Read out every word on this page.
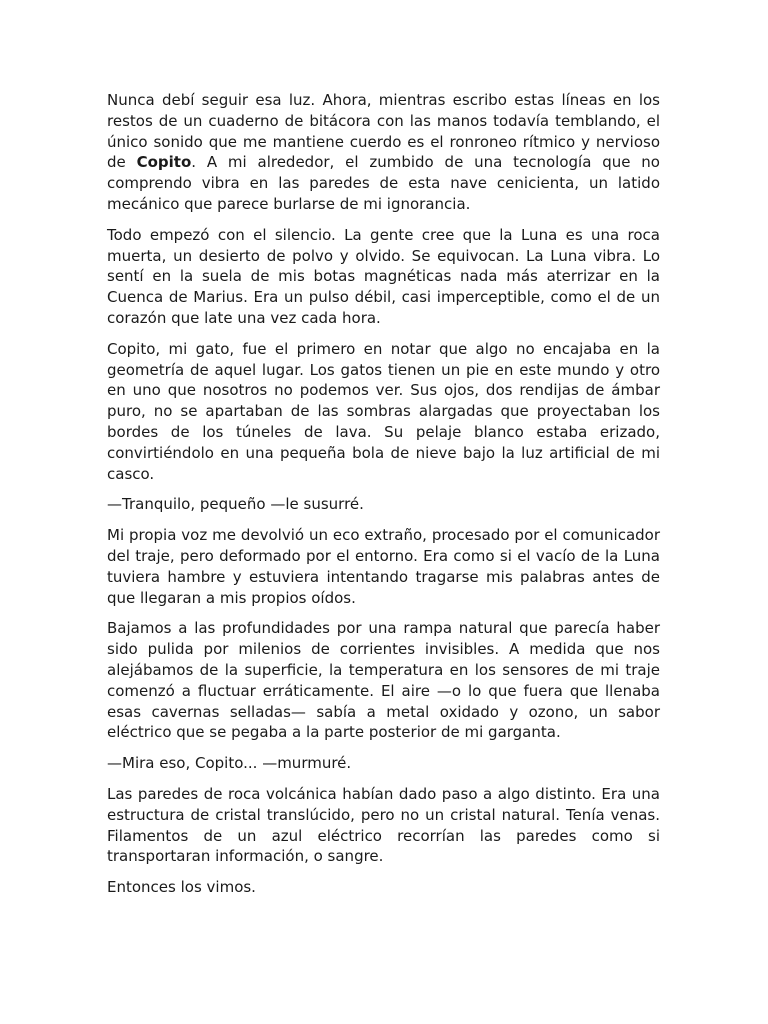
Nunca debí seguir esa luz. Ahora, mientras escribo estas líneas en los restos de un cuaderno de bitácora con las manos todavía temblando, el único sonido que me mantiene cuerdo es el ronroneo rítmico y nervioso de Copito. A mi alrededor, el zumbido de una tecnología que no comprendo vibra en las paredes de esta nave cenicienta, un latido mecánico que parece burlarse de mi ignorancia.

Todo empezó con el silencio. La gente cree que la Luna es una roca muerta, un desierto de polvo y olvido. Se equivocan. La Luna vibra. Lo sentí en la suela de mis botas magnéticas nada más aterrizar en la Cuenca de Marius. Era un pulso débil, casi imperceptible, como el de un corazón que late una vez cada hora.

Copito, mi gato, fue el primero en notar que algo no encajaba en la geometría de aquel lugar. Los gatos tienen un pie en este mundo y otro en uno que nosotros no podemos ver. Sus ojos, dos rendijas de ámbar puro, no se apartaban de las sombras alargadas que proyectaban los bordes de los túneles de lava. Su pelaje blanco estaba erizado, convirtiéndolo en una pequeña bola de nieve bajo la luz artificial de mi casco.

—Tranquilo, pequeño —le susurré.

Mi propia voz me devolvió un eco extraño, procesado por el comunicador del traje, pero deformado por el entorno. Era como si el vacío de la Luna tuviera hambre y estuviera intentando tragarse mis palabras antes de que llegaran a mis propios oídos.

Bajamos a las profundidades por una rampa natural que parecía haber sido pulida por milenios de corrientes invisibles. A medida que nos alejábamos de la superficie, la temperatura en los sensores de mi traje comenzó a fluctuar erráticamente. El aire —o lo que fuera que llenaba esas cavernas selladas— sabía a metal oxidado y ozono, un sabor eléctrico que se pegaba a la parte posterior de mi garganta.

—Mira eso, Copito... —murmuré.

Las paredes de roca volcánica habían dado paso a algo distinto. Era una estructura de cristal translúcido, pero no un cristal natural. Tenía venas. Filamentos de un azul eléctrico recorrían las paredes como si transportaran información, o sangre.

Entonces los vimos.
